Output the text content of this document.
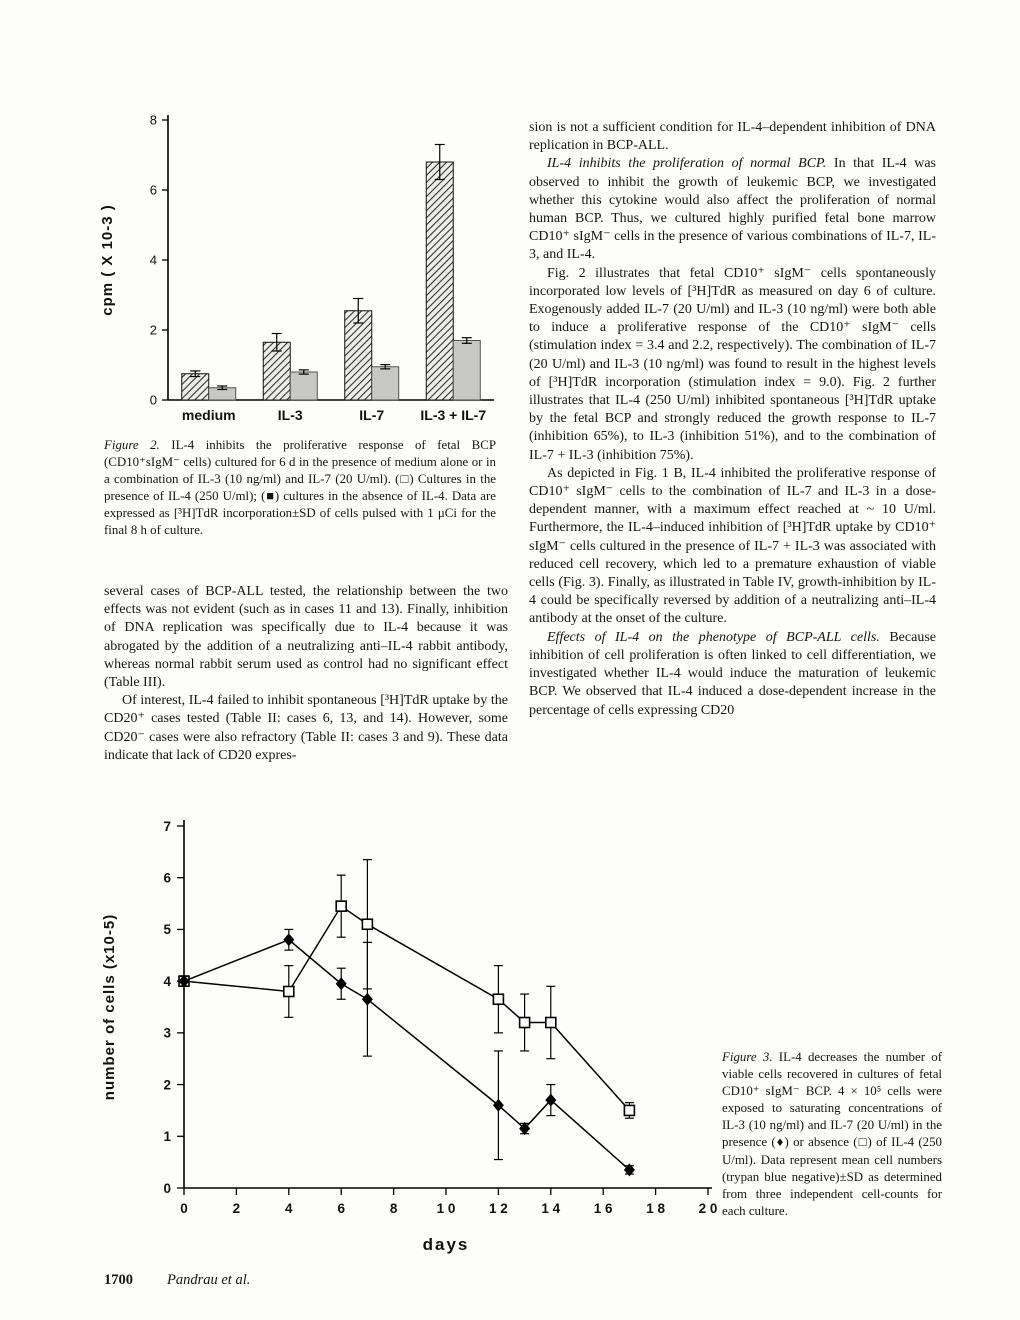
0
2
4
6
8
medium	IL-3	IL-7	IL-3 + IL-7
cpm ( X 10-3 )
Figure 2. IL-4 inhibits the proliferative response of fetal BCP (CD10⁺sIgM⁻ cells) cultured for 6 d in the presence of medium alone or in a combination of IL-3 (10 ng/ml) and IL-7 (20 U/ml). (□) Cultures in the presence of IL-4 (250 U/ml); (■) cultures in the absence of IL-4. Data are expressed as [³H]TdR incorporation±SD of cells pulsed with 1 μCi for the final 8 h of culture.

sion is not a sufficient condition for IL-4–dependent inhibition of DNA replication in BCP-ALL.

IL-4 inhibits the proliferation of normal BCP. In that IL-4 was observed to inhibit the growth of leukemic BCP, we investigated whether this cytokine would also affect the proliferation of normal human BCP. Thus, we cultured highly purified fetal bone marrow CD10⁺ sIgM⁻ cells in the presence of various combinations of IL-7, IL-3, and IL-4.

Fig. 2 illustrates that fetal CD10⁺ sIgM⁻ cells spontaneously incorporated low levels of [³H]TdR as measured on day 6 of culture. Exogenously added IL-7 (20 U/ml) and IL-3 (10 ng/ml) were both able to induce a proliferative response of the CD10⁺ sIgM⁻ cells (stimulation index = 3.4 and 2.2, respectively). The combination of IL-7 (20 U/ml) and IL-3 (10 ng/ml) was found to result in the highest levels of [³H]TdR incorporation (stimulation index = 9.0). Fig. 2 further illustrates that IL-4 (250 U/ml) inhibited spontaneous [³H]TdR uptake by the fetal BCP and strongly reduced the growth response to IL-7 (inhibition 65%), to IL-3 (inhibition 51%), and to the combination of IL-7 + IL-3 (inhibition 75%).

As depicted in Fig. 1 B, IL-4 inhibited the proliferative response of CD10⁺ sIgM⁻ cells to the combination of IL-7 and IL-3 in a dose-dependent manner, with a maximum effect reached at ~ 10 U/ml. Furthermore, the IL-4–induced inhibition of [³H]TdR uptake by CD10⁺ sIgM⁻ cells cultured in the presence of IL-7 + IL-3 was associated with reduced cell recovery, which led to a premature exhaustion of viable cells (Fig. 3). Finally, as illustrated in Table IV, growth-inhibition by IL-4 could be specifically reversed by addition of a neutralizing anti–IL-4 antibody at the onset of the culture.

Effects of IL-4 on the phenotype of BCP-ALL cells. Because inhibition of cell proliferation is often linked to cell differentiation, we investigated whether IL-4 would induce the maturation of leukemic BCP. We observed that IL-4 induced a dose-dependent increase in the percentage of cells expressing CD20

several cases of BCP-ALL tested, the relationship between the two effects was not evident (such as in cases 11 and 13). Finally, inhibition of DNA replication was specifically due to IL-4 because it was abrogated by the addition of a neutralizing anti–IL-4 rabbit antibody, whereas normal rabbit serum used as control had no significant effect (Table III).

Of interest, IL-4 failed to inhibit spontaneous [³H]TdR uptake by the CD20⁺ cases tested (Table II: cases 6, 13, and 14). However, some CD20⁻ cases were also refractory (Table II: cases 3 and 9). These data indicate that lack of CD20 expres-

0
1
2
3
4
5
6
7
0	2	4	6	8	1 0 1 2 1 4 1 6 1 8 2 0
days
number of cells (x10-5)	Figure 3. IL-4 decreases the number of viable cells recovered in cultures of fetal CD10⁺ sIgM⁻ BCP. 4 × 10⁵ cells were exposed to saturating concentrations of IL-3 (10 ng/ml) and IL-7 (20 U/ml) in the presence (♦) or absence (□) of IL-4 (250 U/ml). Data represent mean cell numbers (trypan blue negative)±SD as determined from three independent cell-counts for each culture.
1700 Pandrau et al.
